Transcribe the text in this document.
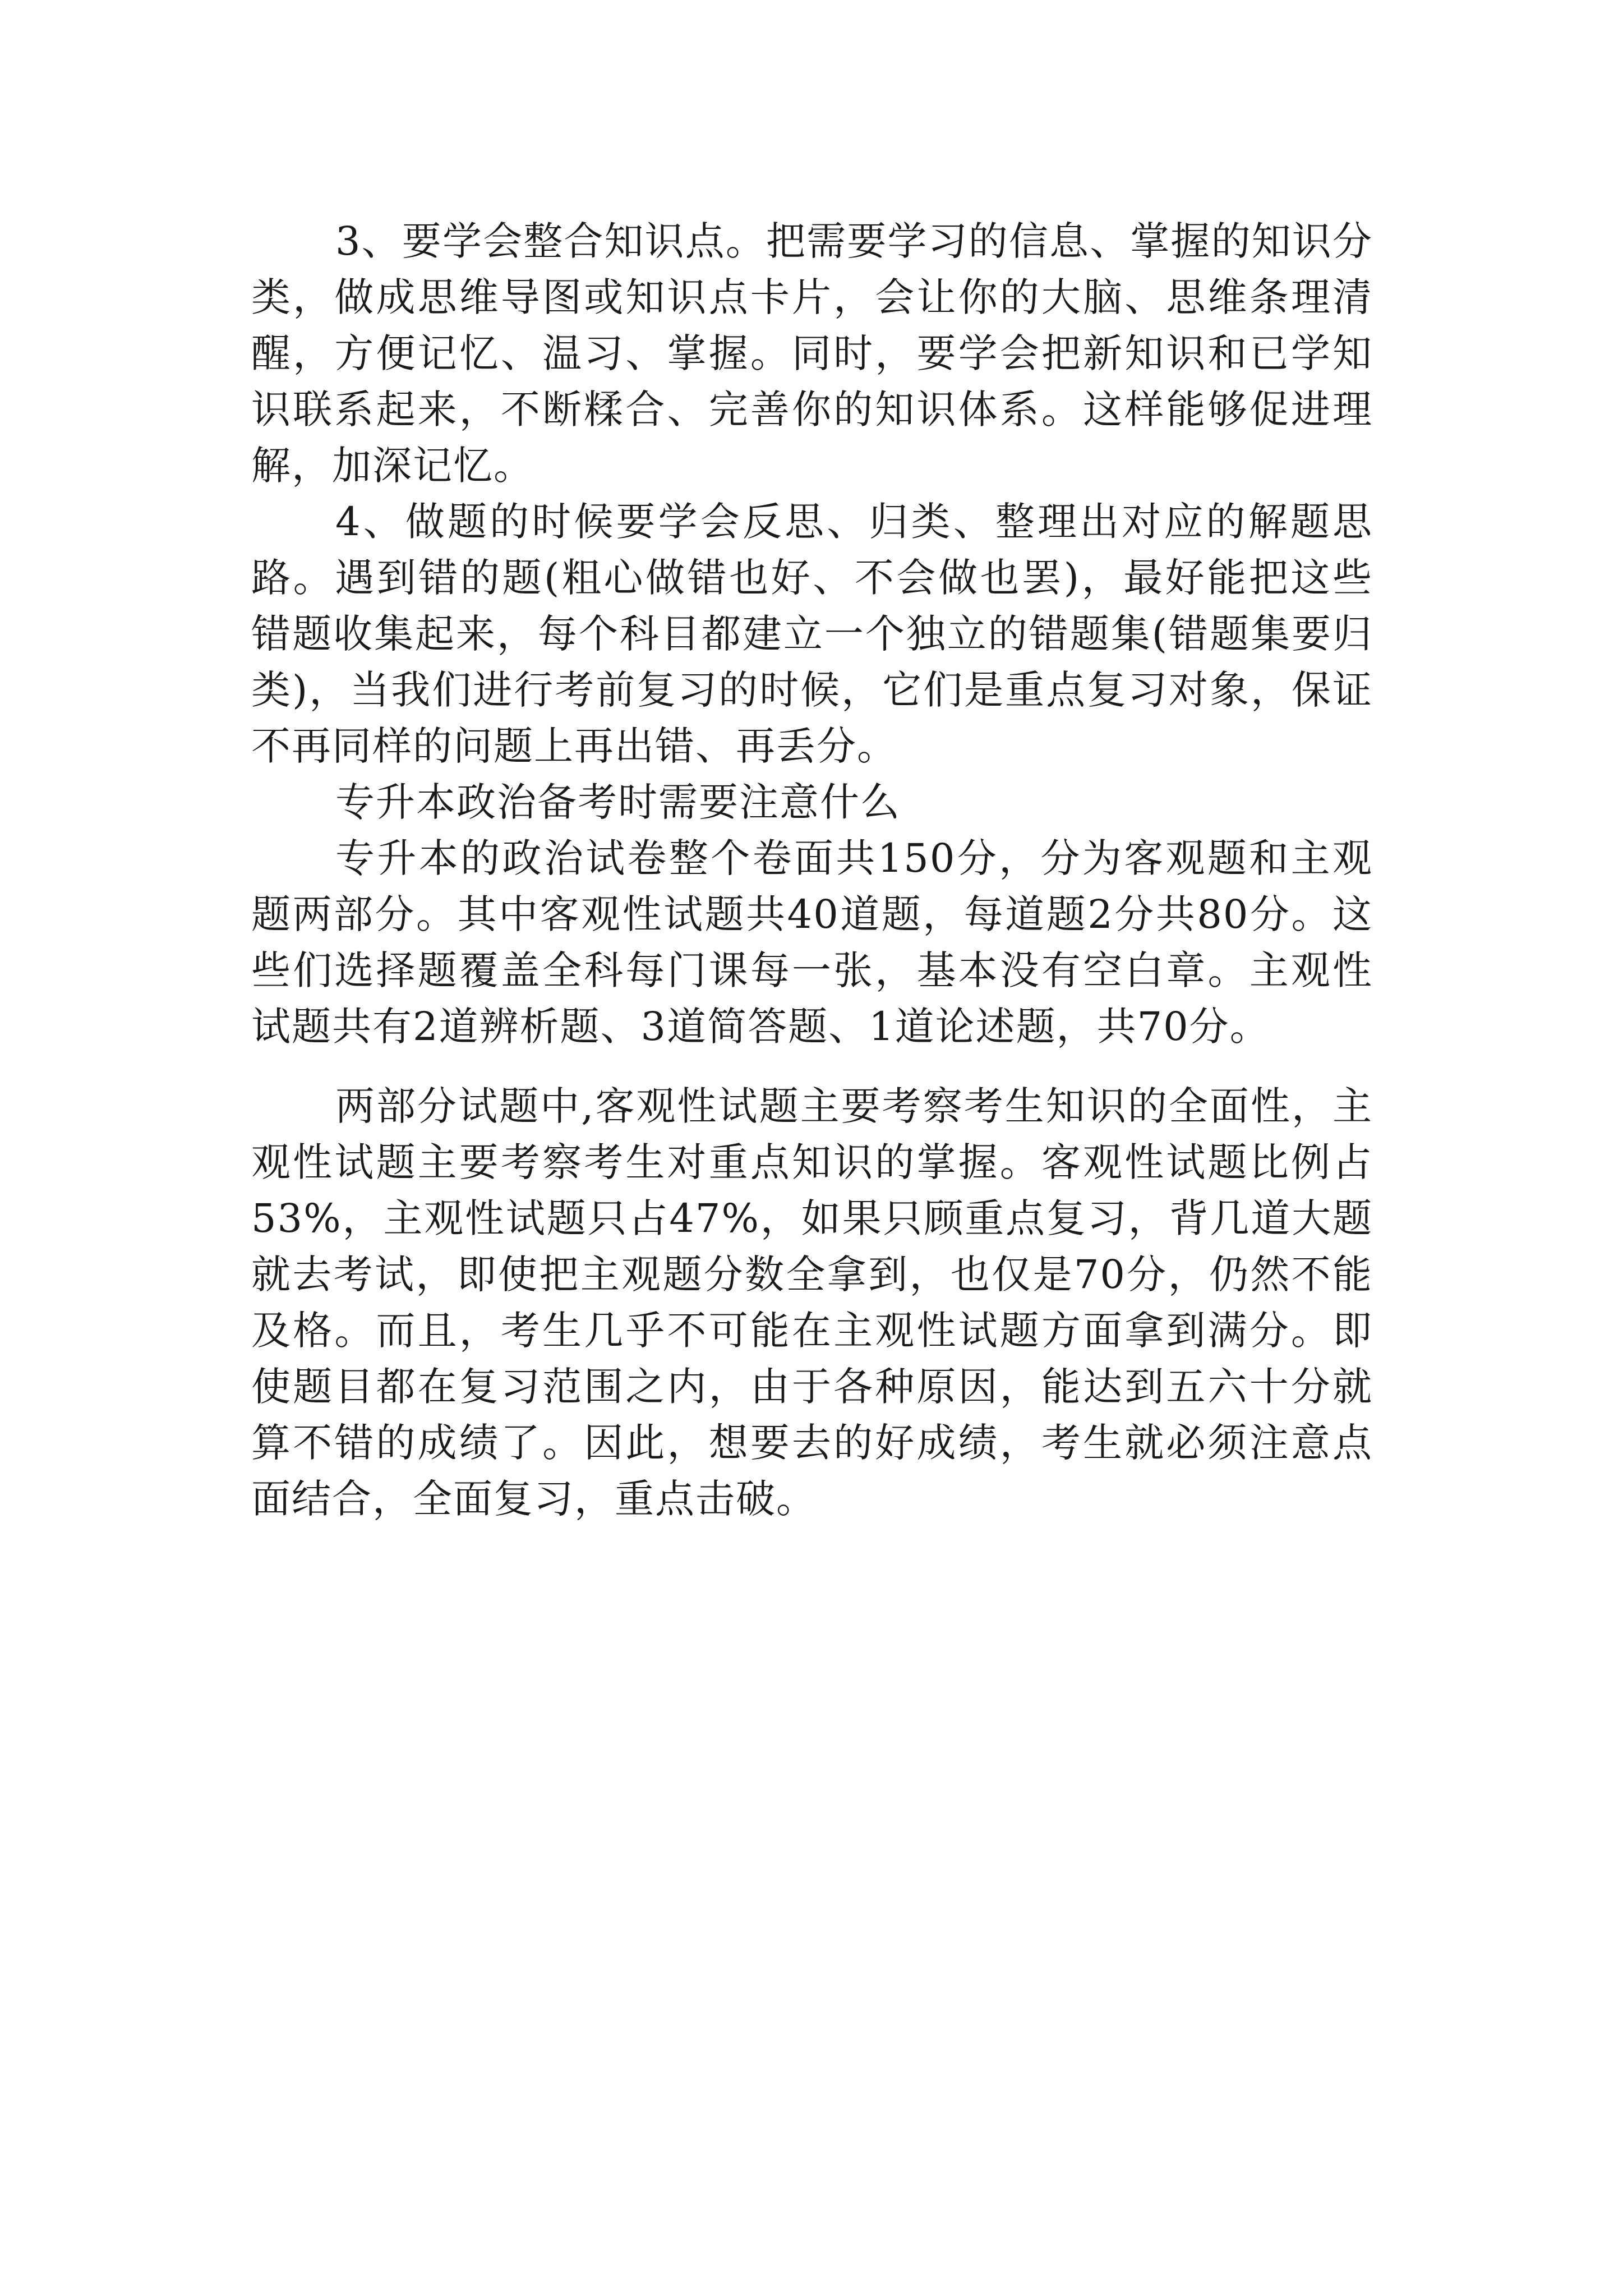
3、要学会整合知识点。把需要学习的信息、掌握的知识分类，做成思维导图或知识点卡片，会让你的大脑、思维条理清醒，方便记忆、温习、掌握。同时，要学会把新知识和已学知识联系起来，不断糅合、完善你的知识体系。这样能够促进理解，加深记忆。

4、做题的时候要学会反思、归类、整理出对应的解题思路。遇到错的题(粗心做错也好、不会做也罢)，最好能把这些错题收集起来，每个科目都建立一个独立的错题集(错题集要归类)，当我们进行考前复习的时候，它们是重点复习对象，保证不再同样的问题上再出错、再丢分。

专升本政治备考时需要注意什么

专升本的政治试卷整个卷面共150分，分为客观题和主观题两部分。其中客观性试题共40道题，每道题2分共80分。这些们选择题覆盖全科每门课每一张，基本没有空白章。主观性试题共有2道辨析题、3道简答题、1道论述题，共70分。

两部分试题中,客观性试题主要考察考生知识的全面性，主观性试题主要考察考生对重点知识的掌握。客观性试题比例占53%，主观性试题只占47%，如果只顾重点复习，背几道大题就去考试，即使把主观题分数全拿到，也仅是70分，仍然不能及格。而且，考生几乎不可能在主观性试题方面拿到满分。即使题目都在复习范围之内，由于各种原因，能达到五六十分就算不错的成绩了。因此，想要去的好成绩，考生就必须注意点面结合，全面复习，重点击破。
